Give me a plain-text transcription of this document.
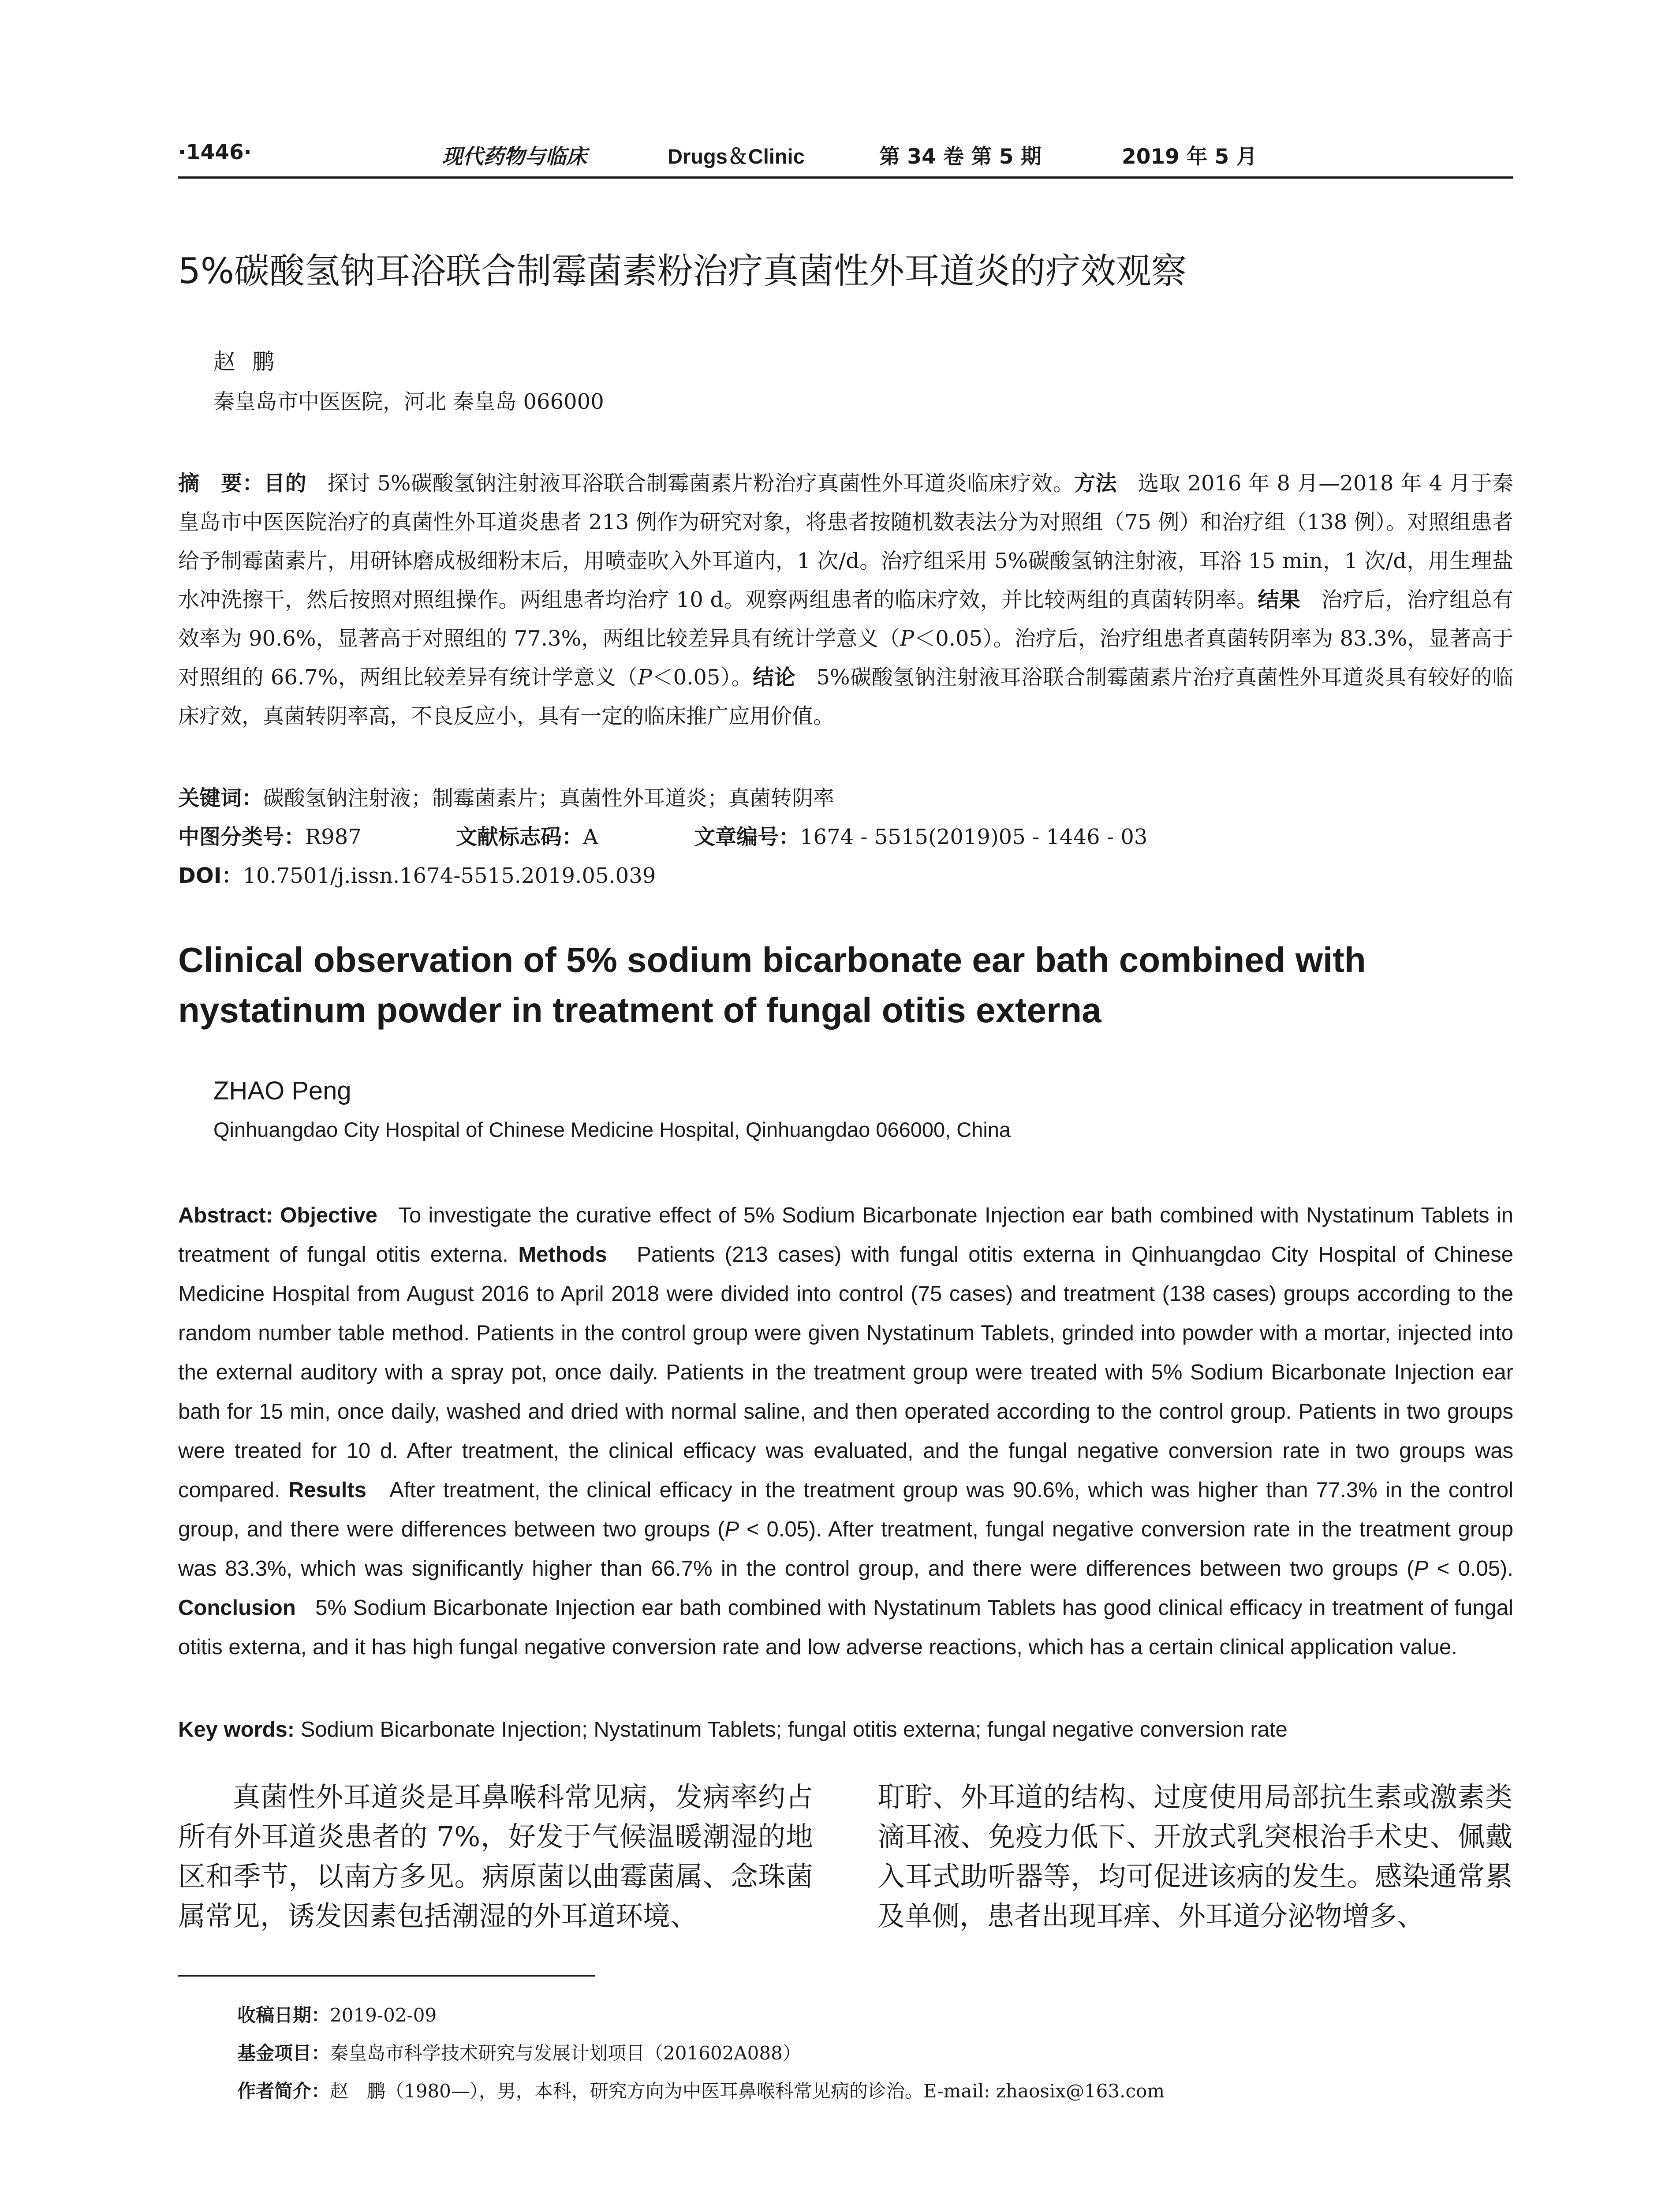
·1446·	现代药物与临床	Drugs＆Clinic	第 34 卷 第 5 期	2019 年 5 月
5%碳酸氢钠耳浴联合制霉菌素粉治疗真菌性外耳道炎的疗效观察
赵鹏
秦皇岛市中医医院，河北 秦皇岛 066000
摘　要：目的 探讨 5%碳酸氢钠注射液耳浴联合制霉菌素片粉治疗真菌性外耳道炎临床疗效。方法 选取 2016 年 8 月—2018 年 4 月于秦皇岛市中医医院治疗的真菌性外耳道炎患者 213 例作为研究对象，将患者按随机数表法分为对照组（75 例）和治疗组（138 例）。对照组患者给予制霉菌素片，用研钵磨成极细粉末后，用喷壶吹入外耳道内，1 次/d。治疗组采用 5%碳酸氢钠注射液，耳浴 15 min，1 次/d，用生理盐水冲洗擦干，然后按照对照组操作。两组患者均治疗 10 d。观察两组患者的临床疗效，并比较两组的真菌转阴率。结果 治疗后，治疗组总有效率为 90.6%，显著高于对照组的 77.3%，两组比较差异具有统计学意义（P＜0.05）。治疗后，治疗组患者真菌转阴率为 83.3%，显著高于对照组的 66.7%，两组比较差异有统计学意义（P＜0.05）。结论 5%碳酸氢钠注射液耳浴联合制霉菌素片治疗真菌性外耳道炎具有较好的临床疗效，真菌转阴率高，不良反应小，具有一定的临床推广应用价值。
关键词：碳酸氢钠注射液；制霉菌素片；真菌性外耳道炎；真菌转阴率
中图分类号：R987	文献标志码：A	文章编号：1674 - 5515(2019)05 - 1446 - 03
DOI：10.7501/j.issn.1674-5515.2019.05.039
Clinical observation of 5% sodium bicarbonate ear bath combined with nystatinum powder in treatment of fungal otitis externa
ZHAO Peng
Qinhuangdao City Hospital of Chinese Medicine Hospital, Qinhuangdao 066000, China
Abstract: Objective To investigate the curative effect of 5% Sodium Bicarbonate Injection ear bath combined with Nystatinum Tablets in treatment of fungal otitis externa. Methods Patients (213 cases) with fungal otitis externa in Qinhuangdao City Hospital of Chinese Medicine Hospital from August 2016 to April 2018 were divided into control (75 cases) and treatment (138 cases) groups according to the random number table method. Patients in the control group were given Nystatinum Tablets, grinded into powder with a mortar, injected into the external auditory with a spray pot, once daily. Patients in the treatment group were treated with 5% Sodium Bicarbonate Injection ear bath for 15 min, once daily, washed and dried with normal saline, and then operated according to the control group. Patients in two groups were treated for 10 d. After treatment, the clinical efficacy was evaluated, and the fungal negative conversion rate in two groups was compared. Results After treatment, the clinical efficacy in the treatment group was 90.6%, which was higher than 77.3% in the control group, and there were differences between two groups (P < 0.05). After treatment, fungal negative conversion rate in the treatment group was 83.3%, which was significantly higher than 66.7% in the control group, and there were differences between two groups (P < 0.05). Conclusion 5% Sodium Bicarbonate Injection ear bath combined with Nystatinum Tablets has good clinical efficacy in treatment of fungal otitis externa, and it has high fungal negative conversion rate and low adverse reactions, which has a certain clinical application value.
Key words: Sodium Bicarbonate Injection; Nystatinum Tablets; fungal otitis externa; fungal negative conversion rate
真菌性外耳道炎是耳鼻喉科常见病，发病率约占所有外耳道炎患者的 7%，好发于气候温暖潮湿的地区和季节，以南方多见。病原菌以曲霉菌属、念珠菌属常见，诱发因素包括潮湿的外耳道环境、
耵聍、外耳道的结构、过度使用局部抗生素或激素类滴耳液、免疫力低下、开放式乳突根治手术史、佩戴入耳式助听器等，均可促进该病的发生。感染通常累及单侧，患者出现耳痒、外耳道分泌物增多、
收稿日期：2019-02-09
基金项目：秦皇岛市科学技术研究与发展计划项目（201602A088）
作者简介：赵　鹏（1980—），男，本科，研究方向为中医耳鼻喉科常见病的诊治。E-mail: zhaosix@163.com
